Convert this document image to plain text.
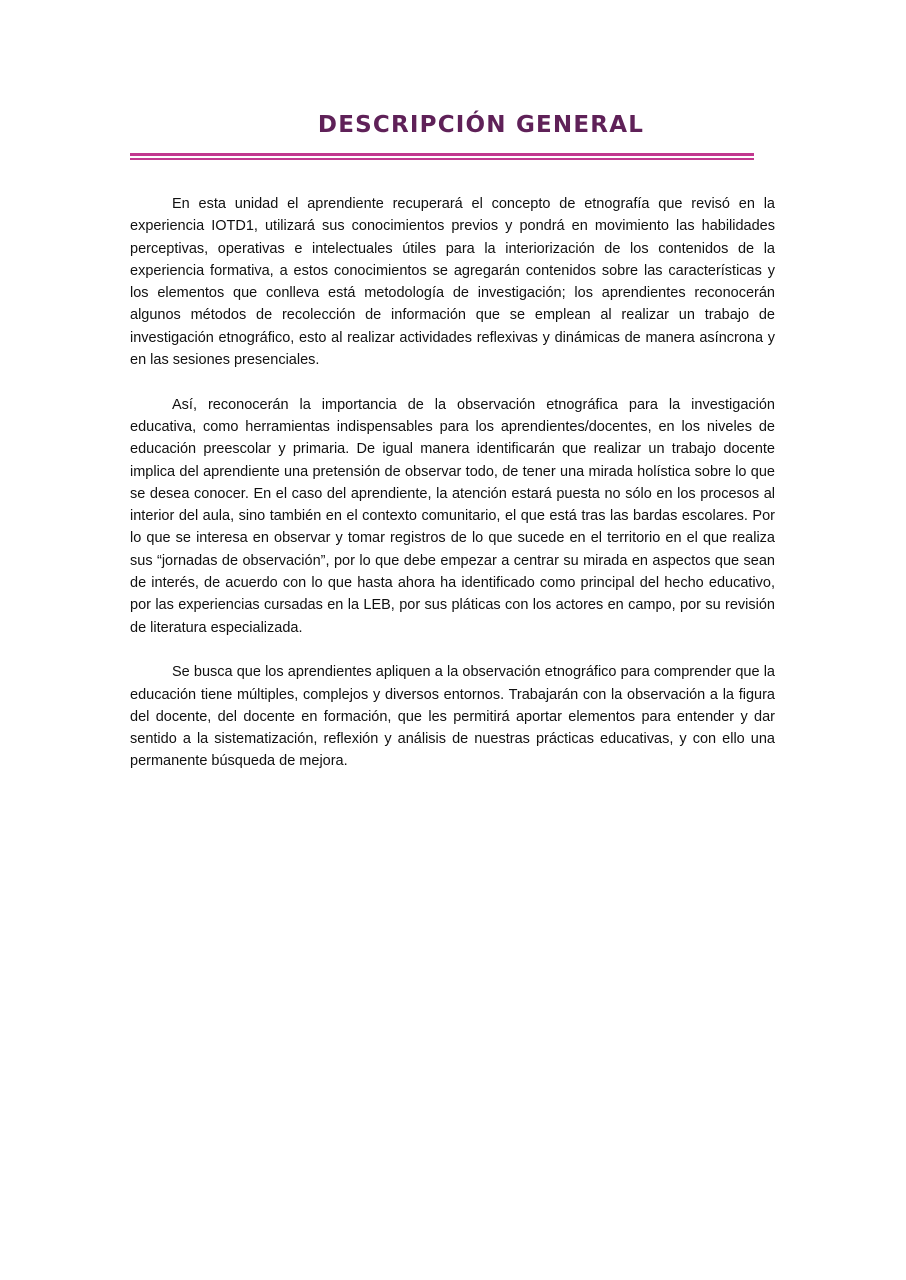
DESCRIPCIÓN GENERAL

En esta unidad el aprendiente recuperará el concepto de etnografía que revisó en la experiencia IOTD1, utilizará sus conocimientos previos y pondrá en movimiento las habilidades perceptivas, operativas e intelectuales útiles para la interiorización de los contenidos de la experiencia formativa, a estos conocimientos se agregarán contenidos sobre las características y los elementos que conlleva está metodología de investigación; los aprendientes reconocerán algunos métodos de recolección de información que se emplean al realizar un trabajo de investigación etnográfico, esto al realizar actividades reflexivas y dinámicas de manera asíncrona y en las sesiones presenciales.

Así, reconocerán la importancia de la observación etnográfica para la investigación educativa, como herramientas indispensables para los aprendientes/docentes, en los niveles de educación preescolar y primaria. De igual manera identificarán que realizar un trabajo docente implica del aprendiente una pretensión de observar todo, de tener una mirada holística sobre lo que se desea conocer. En el caso del aprendiente, la atención estará puesta no sólo en los procesos al interior del aula, sino también en el contexto comunitario, el que está tras las bardas escolares. Por lo que se interesa en observar y tomar registros de lo que sucede en el territorio en el que realiza sus “jornadas de observación”, por lo que debe empezar a centrar su mirada en aspectos que sean de interés, de acuerdo con lo que hasta ahora ha identificado como principal del hecho educativo, por las experiencias cursadas en la LEB, por sus pláticas con los actores en campo, por su revisión de literatura especializada.

Se busca que los aprendientes apliquen a la observación etnográfico para comprender que la educación tiene múltiples, complejos y diversos entornos. Trabajarán con la observación a la figura del docente, del docente en formación, que les permitirá aportar elementos para entender y dar sentido a la sistematización, reflexión y análisis de nuestras prácticas educativas, y con ello una permanente búsqueda de mejora.
